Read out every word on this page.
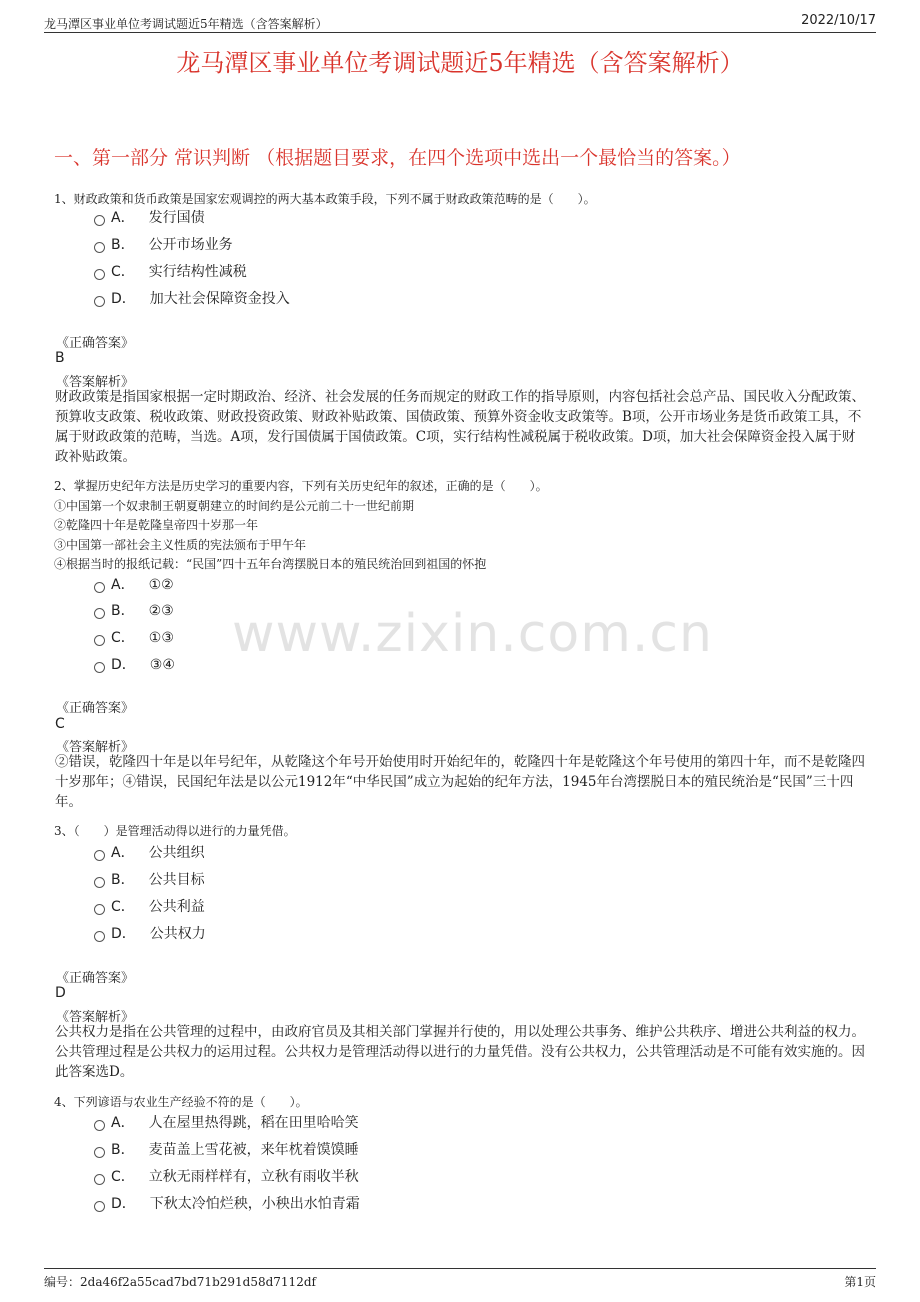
龙马潭区事业单位考调试题近5年精选（含答案解析）	2022/10/17
龙马潭区事业单位考调试题近5年精选（含答案解析）
一、第一部分 常识判断 （根据题目要求，在四个选项中选出一个最恰当的答案。）
www.zixin.com.cn
1、财政政策和货币政策是国家宏观调控的两大基本政策手段，下列不属于财政政策范畴的是（　　）。
A． 发行国债
B． 公开市场业务
C． 实行结构性减税
D． 加大社会保障资金投入
《正确答案》
B
《答案解析》
财政政策是指国家根据一定时期政治、经济、社会发展的任务而规定的财政工作的指导原则，内容包括社会总产品、国民收入分配政策、预算收支政策、税收政策、财政投资政策、财政补贴政策、国债政策、预算外资金收支政策等。B项，公开市场业务是货币政策工具，不属于财政政策的范畴，当选。A项，发行国债属于国债政策。C项，实行结构性减税属于税收政策。D项，加大社会保障资金投入属于财政补贴政策。
2、掌握历史纪年方法是历史学习的重要内容，下列有关历史纪年的叙述，正确的是（　　）。
①中国第一个奴隶制王朝夏朝建立的时间约是公元前二十一世纪前期
②乾隆四十年是乾隆皇帝四十岁那一年
③中国第一部社会主义性质的宪法颁布于甲午年
④根据当时的报纸记载：“民国”四十五年台湾摆脱日本的殖民统治回到祖国的怀抱
A． ①②
B． ②③
C． ①③
D． ③④
《正确答案》
C
《答案解析》
②错误，乾隆四十年是以年号纪年，从乾隆这个年号开始使用时开始纪年的，乾隆四十年是乾隆这个年号使用的第四十年，而不是乾隆四十岁那年；④错误，民国纪年法是以公元1912年“中华民国”成立为起始的纪年方法，1945年台湾摆脱日本的殖民统治是“民国”三十四年。
3、（　　）是管理活动得以进行的力量凭借。
A． 公共组织
B． 公共目标
C． 公共利益
D． 公共权力
《正确答案》
D
《答案解析》
公共权力是指在公共管理的过程中，由政府官员及其相关部门掌握并行使的，用以处理公共事务、维护公共秩序、增进公共利益的权力。公共管理过程是公共权力的运用过程。公共权力是管理活动得以进行的力量凭借。没有公共权力，公共管理活动是不可能有效实施的。因此答案选D。
4、下列谚语与农业生产经验不符的是（　　）。
A． 人在屋里热得跳，稻在田里哈哈笑
B． 麦苗盖上雪花被，来年枕着馍馍睡
C． 立秋无雨样样有，立秋有雨收半秋
D． 下秋太冷怕烂秧，小秧出水怕青霜
编号：2da46f2a55cad7bd71b291d58d7112df	第1页
